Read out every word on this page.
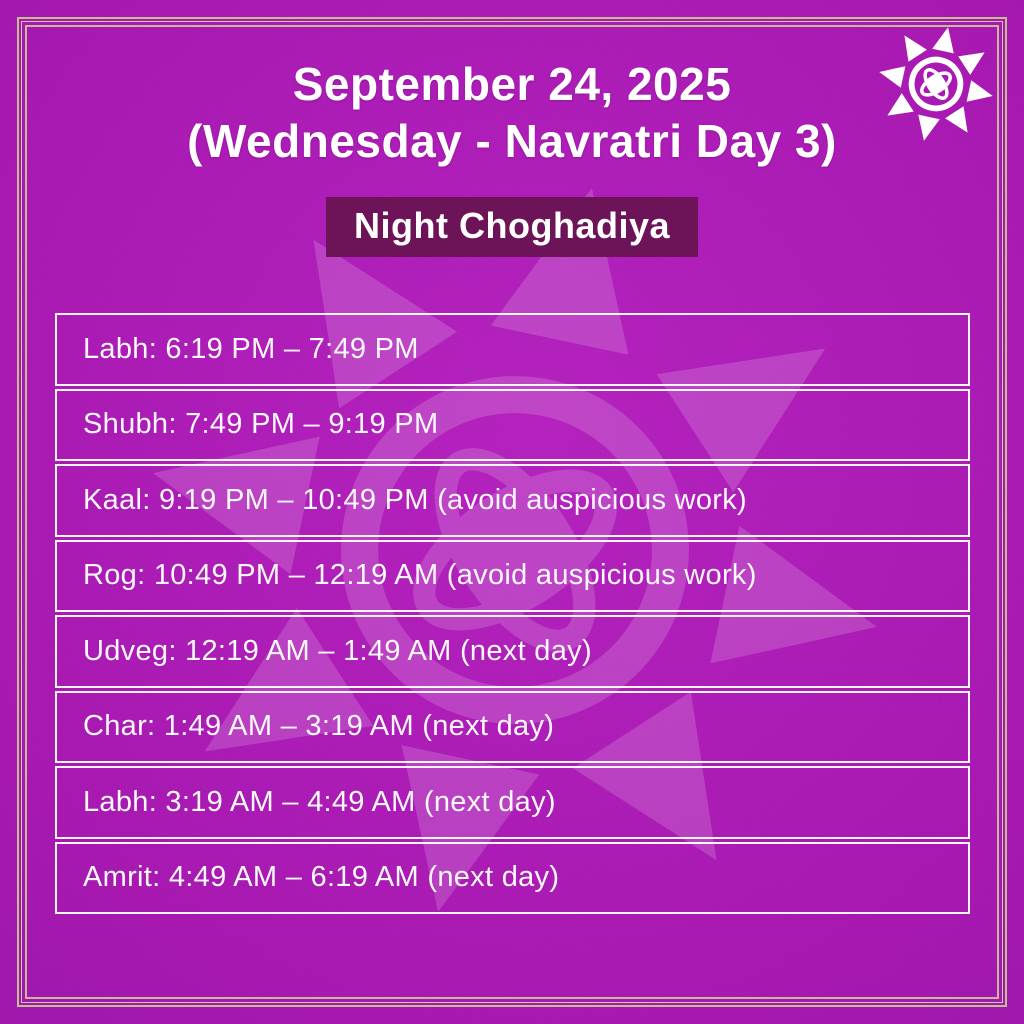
September 24, 2025
(Wednesday - Navratri Day 3)
Night Choghadiya
Labh: 6:19 PM – 7:49 PM
Shubh: 7:49 PM – 9:19 PM
Kaal: 9:19 PM – 10:49 PM (avoid auspicious work)
Rog: 10:49 PM – 12:19 AM (avoid auspicious work)
Udveg: 12:19 AM – 1:49 AM (next day)
Char: 1:49 AM – 3:19 AM (next day)
Labh: 3:19 AM – 4:49 AM (next day)
Amrit: 4:49 AM – 6:19 AM (next day)
